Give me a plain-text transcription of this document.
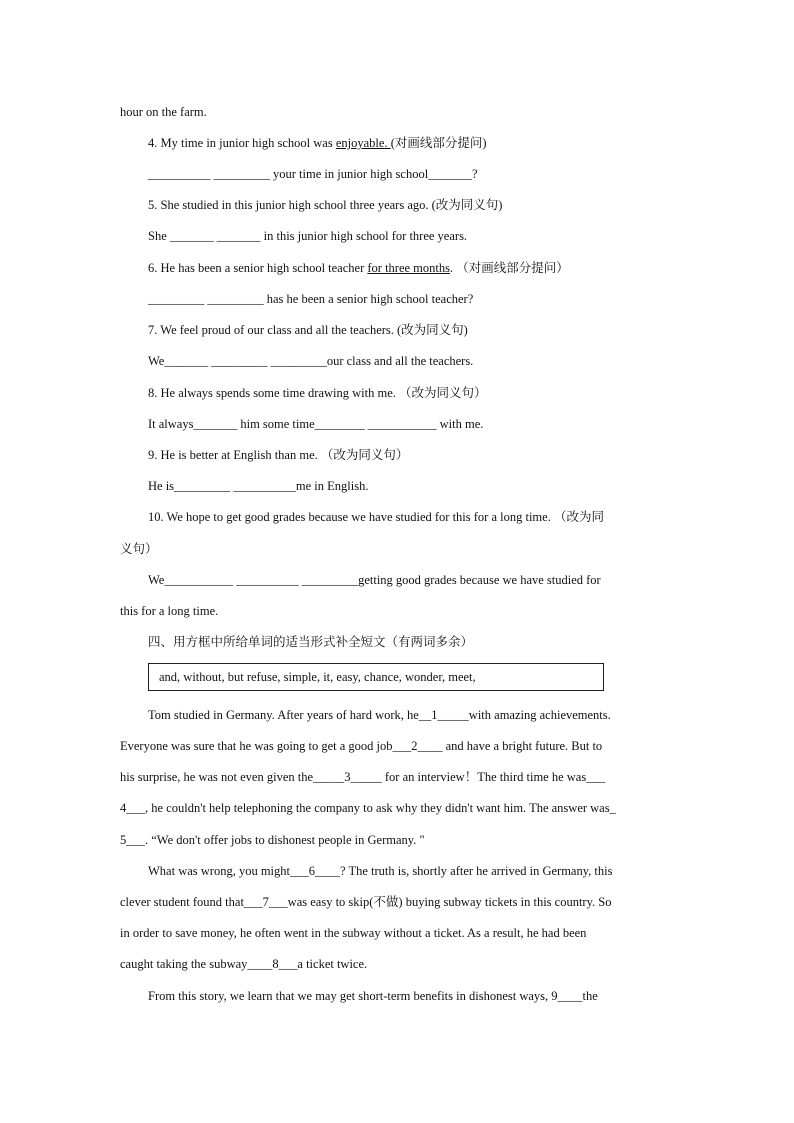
hour on the farm.
4. My time in junior high school was enjoyable. (对画线部分提问)
__________ _________ your time in junior high school_______?
5. She studied in this junior high school three years ago. (改为同义句)
She _______ _______ in this junior high school for three years.
6. He has been a senior high school teacher for three months. （对画线部分提问）
_________ _________ has he been a senior high school teacher?
7. We feel proud of our class and all the teachers. (改为同义句)
We_______ _________ _________our class and all the teachers.
8. He always spends some time drawing with me. （改为同义句）
It always_______ him some time________ ___________ with me.
9. He is better at English than me. （改为同义句）
He is_________ __________me in English.
10. We hope to get good grades because we have studied for this for a long time. （改为同
义句）
We___________ __________ _________getting good grades because we have studied for
this for a long time.
四、用方框中所给单词的适当形式补全短文（有两词多余）
and, without, but refuse, simple, it, easy, chance, wonder, meet,
Tom studied in Germany. After years of hard work, he__1_____with amazing achievements.
Everyone was sure that he was going to get a good job___2____ and have a bright future. But to
his surprise, he was not even given the_____3_____ for an interview！The third time he was___
4___, he couldn't help telephoning the company to ask why they didn't want him. The answer was_
5___. “We don't offer jobs to dishonest people in Germany. "
What was wrong, you might___6____? The truth is, shortly after he arrived in Germany, this
clever student found that___7___was easy to skip(不做) buying subway tickets in this country. So
in order to save money, he often went in the subway without a ticket. As a result, he had been
caught taking the subway____8___a ticket twice.
From this story, we learn that we may get short-term benefits in dishonest ways, 9____the
